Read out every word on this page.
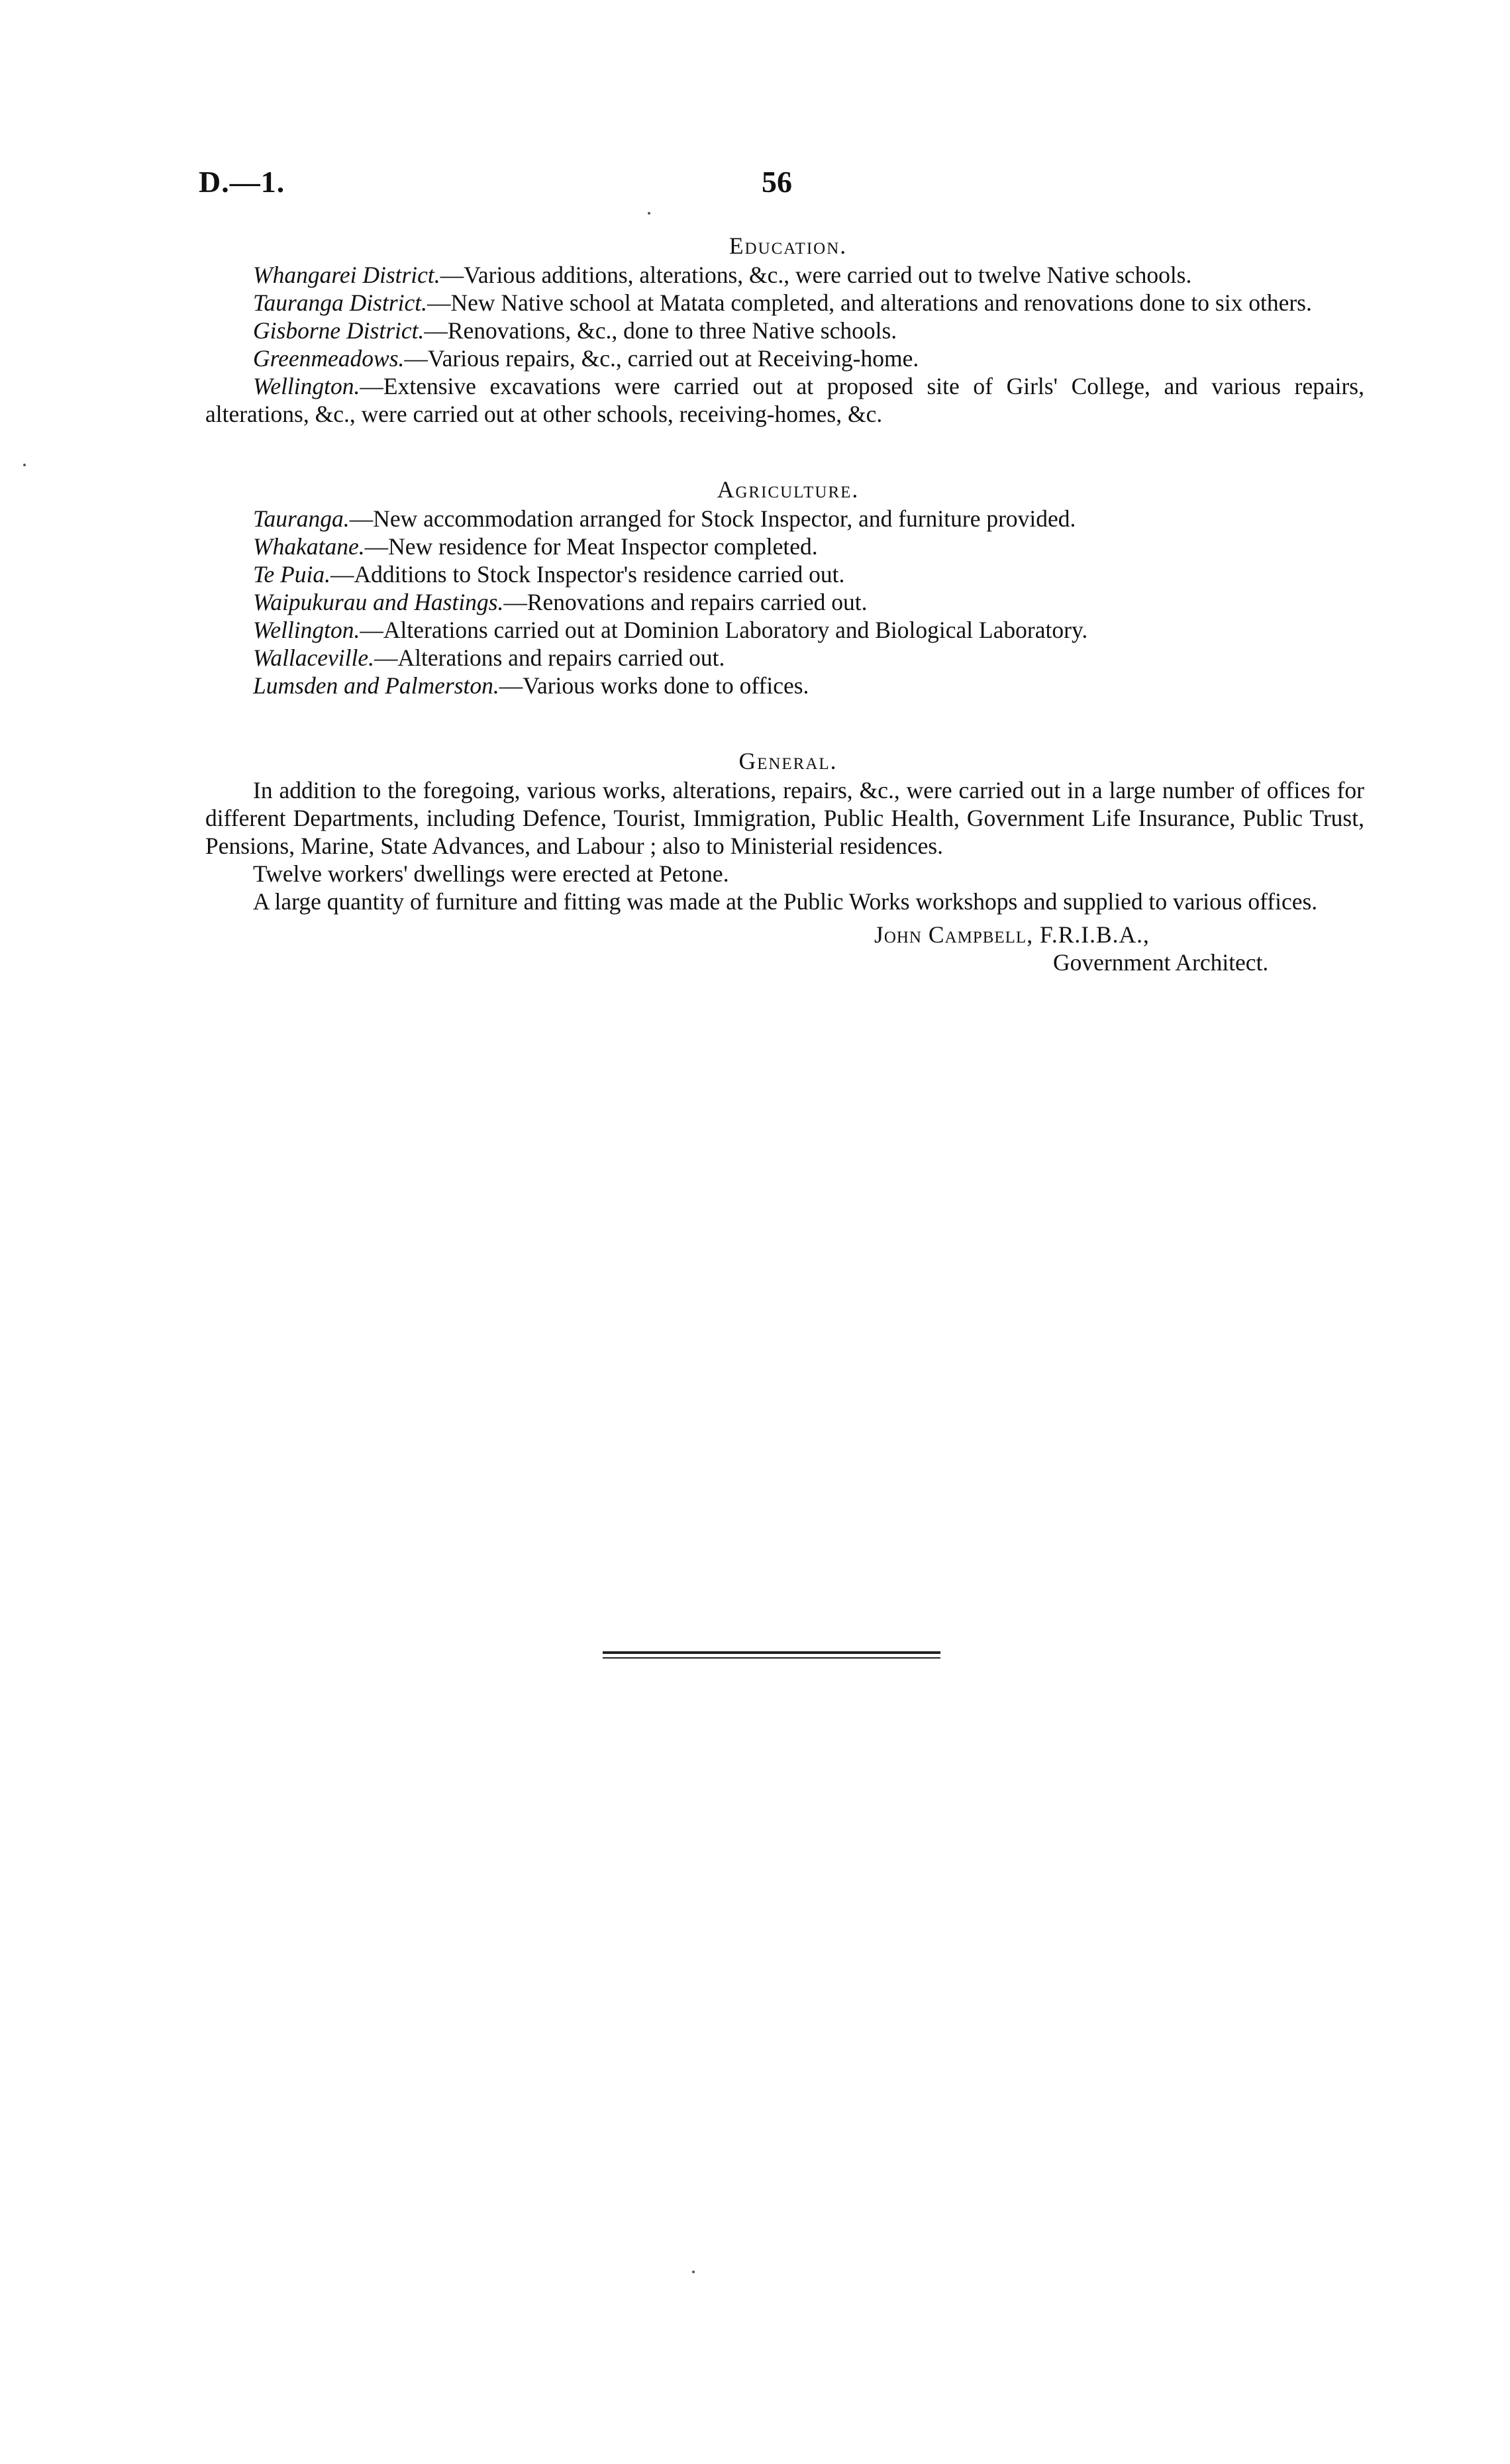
D.—1.	56
Education.

Whangarei District.—Various additions, alterations, &c., were carried out to twelve Native schools.

Tauranga District.—New Native school at Matata completed, and alterations and renovations done to six others.

Gisborne District.—Renovations, &c., done to three Native schools.

Greenmeadows.—Various repairs, &c., carried out at Receiving-home.

Wellington.—Extensive excavations were carried out at proposed site of Girls' College, and various repairs, alterations, &c., were carried out at other schools, receiving-homes, &c.

Agriculture.

Tauranga.—New accommodation arranged for Stock Inspector, and furniture provided.

Whakatane.—New residence for Meat Inspector completed.

Te Puia.—Additions to Stock Inspector's residence carried out.

Waipukurau and Hastings.—Renovations and repairs carried out.

Wellington.—Alterations carried out at Dominion Laboratory and Biological Laboratory.

Wallaceville.—Alterations and repairs carried out.

Lumsden and Palmerston.—Various works done to offices.

General.

In addition to the foregoing, various works, alterations, repairs, &c., were carried out in a large number of offices for different Departments, including Defence, Tourist, Immigration, Public Health, Government Life Insurance, Public Trust, Pensions, Marine, State Advances, and Labour ; also to Ministerial residences.

Twelve workers' dwellings were erected at Petone.

A large quantity of furniture and fitting was made at the Public Works workshops and supplied to various offices.

John Campbell, F.R.I.B.A.,
Government Architect.
